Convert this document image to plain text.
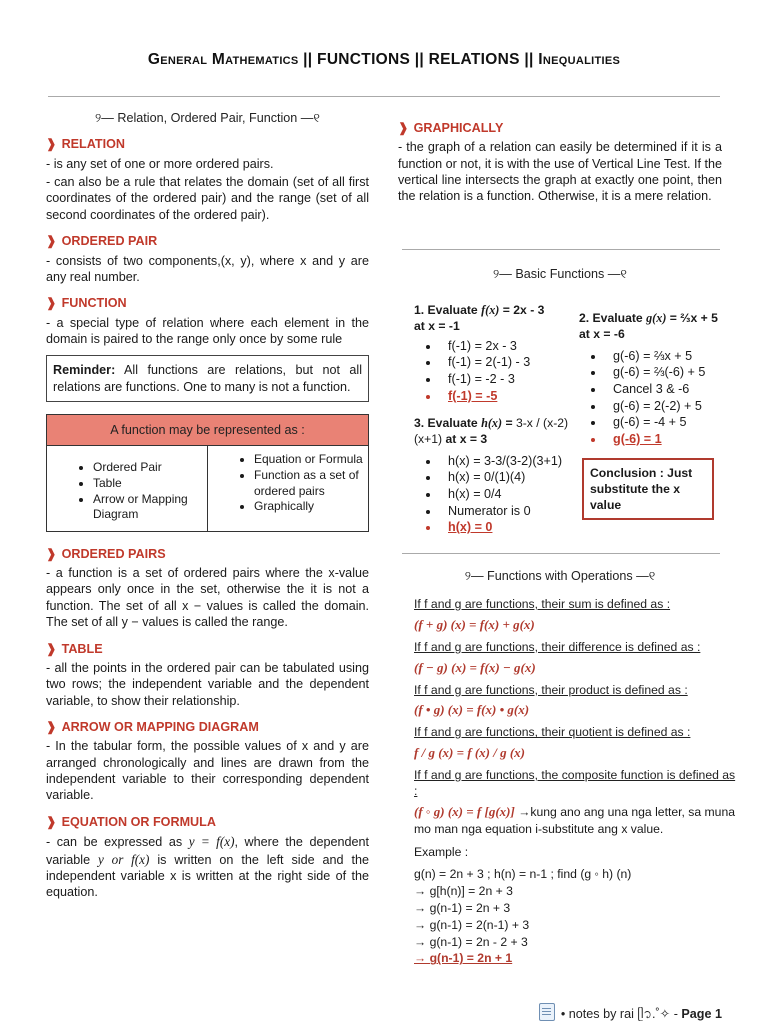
General Mathematics || FUNCTIONS || RELATIONS || Inequalities
୨— Relation, Ordered Pair, Function —୧
❱ RELATION

- is any set of one or more ordered pairs.

- can also be a rule that relates the domain (set of all first coordinates of the ordered pair) and the range (set of all second coordinates of the ordered pair).

❱ ORDERED PAIR

- consists of two components,(x, y), where x and y are any real number.

❱ FUNCTION

- a special type of relation where each element in the domain is paired to the range only once by some rule

Reminder: All functions are relations, but not all relations are functions. One to many is not a function.
A function may be represented as :

• Ordered Pair
• Table
• Arrow or Mapping Diagram

• Equation or Formula
• Function as a set of ordered pairs
• Graphically
❱ ORDERED PAIRS

- a function is a set of ordered pairs where the x-value appears only once in the set, otherwise the it is not a function. The set of all x − values is called the domain. The set of all y − values is called the range.

❱ TABLE

- all the points in the ordered pair can be tabulated using two rows; the independent variable and the dependent variable, to show their relationship.

❱ ARROW OR MAPPING DIAGRAM

- In the tabular form, the possible values of x and y are arranged chronologically and lines are drawn from the independent variable to their corresponding dependent variable.

❱ EQUATION OR FORMULA

- can be expressed as y = f(x), where the dependent variable y or f(x) is written on the left side and the independent variable x is written at the right side of the equation.

❱ GRAPHICALLY

- the graph of a relation can easily be determined if it is a function or not, it is with the use of Vertical Line Test. If the vertical line intersects the graph at exactly one point, then the relation is a function. Otherwise, it is a mere relation.

୨— Basic Functions —୧
1. Evaluate f(x) = 2x - 3
at x = -1
• f(-1) = 2x - 3
• f(-1) = 2(-1) - 3
• f(-1) = -2 - 3
• f(-1) = -5
2. Evaluate g(x) = ⅔x + 5
at x = -6
• g(-6) = ⅔x + 5
• g(-6) = ⅔(-6) + 5
• Cancel 3 & -6
• g(-6) = 2(-2) + 5
• g(-6) = -4 + 5
• g(-6) = 1
3. Evaluate h(x) = 3-x / (x-2)
(x+1) at x = 3
• h(x) = 3-3/(3-2)(3+1)
• h(x) = 0/(1)(4)
• h(x) = 0/4
• Numerator is 0
• h(x) = 0
Conclusion : Just substitute the x value
୨— Functions with Operations —୧
If f and g are functions, their sum is defined as :
(f + g) (x) = f(x) + g(x)
If f and g are functions, their difference is defined as :
(f − g) (x) = f(x) − g(x)
If f and g are functions, their product is defined as :
(f • g) (x) = f(x) • g(x)
If f and g are functions, their quotient is defined as :
f / g (x) = f (x) / g (x)
If f and g are functions, the composite function is defined as :
(f ◦ g) (x) = f [g(x)] →kung ano ang una nga letter, sa muna mo man nga equation i-substitute ang x value.
Example :
g(n) = 2n + 3 ; h(n) = n-1 ; find (g ◦ h) (n)
→ g[h(n)] = 2n + 3
→ g(n-1) = 2n + 3
→ g(n-1) = 2(n-1) + 3
→ g(n-1) = 2n - 2 + 3
→ g(n-1) = 2n + 1
• notes by rai ᥫ᭡.˚✧ - Page 1
